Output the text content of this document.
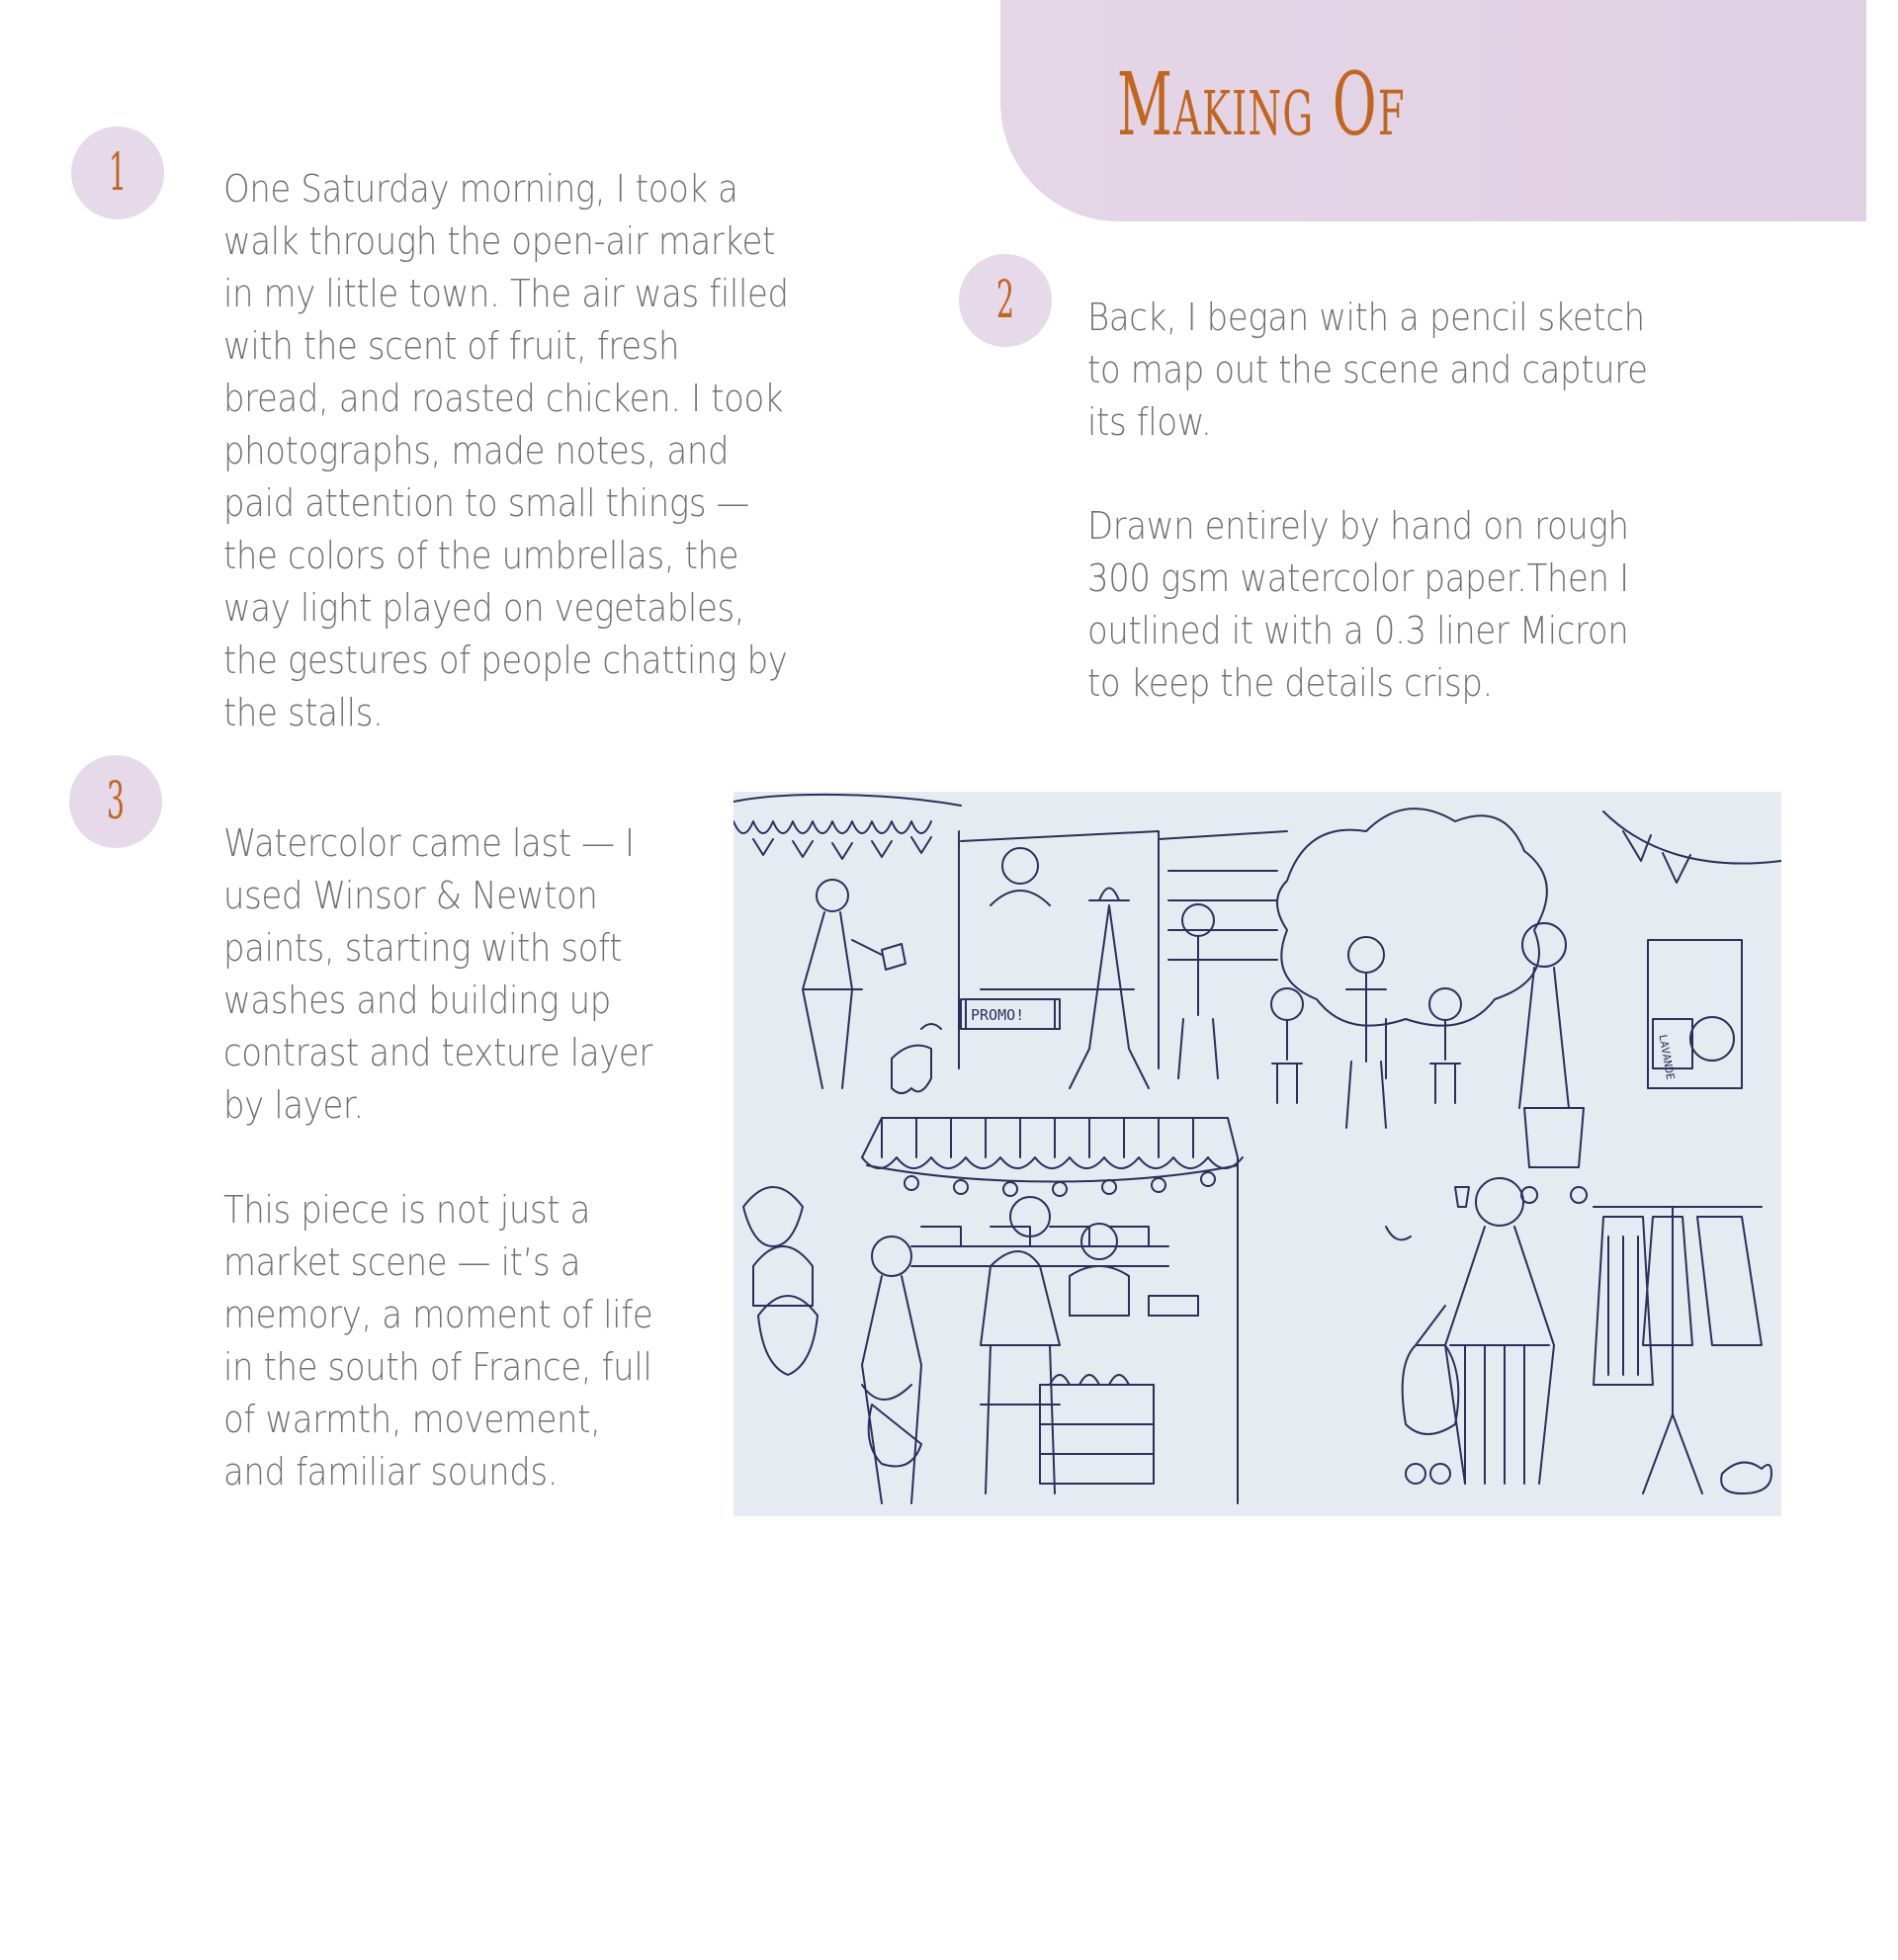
Making Of
1	One Saturday morning, I took a walk through the open-air market in my little town. The air was filled with the scent of fruit, fresh bread, and roasted chicken. I took photographs, made notes, and paid attention to small things — the colors of the umbrellas, the way light played on vegetables, the gestures of people chatting by the stalls.

2	Back, I began with a pencil sketch to map out the scene and capture its flow.

Drawn entirely by hand on rough 300 gsm watercolor paper.Then I outlined it with a 0.3 liner Micron to keep the details crisp.

3

Watercolor came last — I used Winsor & Newton paints, starting with soft washes and building up contrast and texture layer by layer.

This piece is not just a market scene — it’s a memory, a moment of life in the south of France, full of warmth, movement, and familiar sounds.

LAVANDE
PROMO!
